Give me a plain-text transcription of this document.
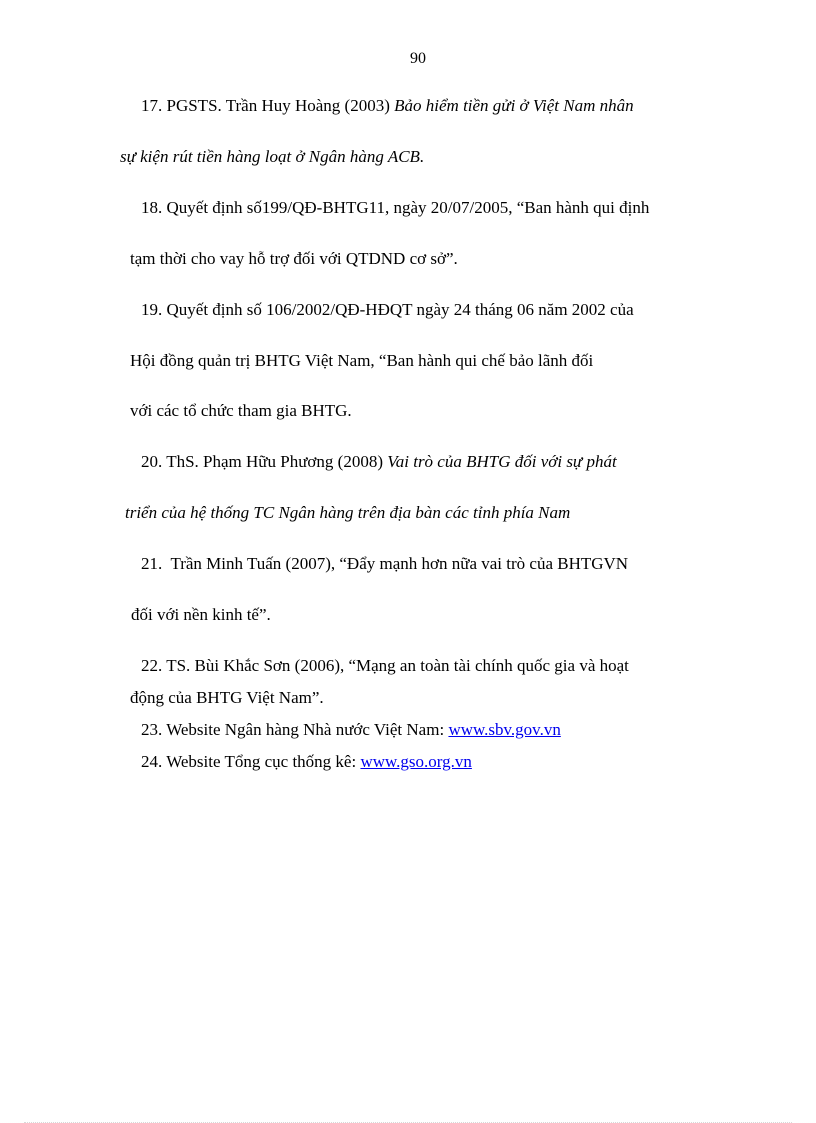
90
17. PGSTS. Trần Huy Hoàng (2003) Bảo hiểm tiền gửi ở Việt Nam nhân
sự kiện rút tiền hàng loạt ở Ngân hàng ACB.
18. Quyết định số199/QĐ-BHTG11, ngày 20/07/2005, “Ban hành qui định
tạm thời cho vay hỗ trợ đối với QTDND cơ sở”.
19. Quyết định số 106/2002/QĐ-HĐQT ngày 24 tháng 06 năm 2002 của
Hội đồng quản trị BHTG Việt Nam, “Ban hành qui chế bảo lãnh đối
với các tổ chức tham gia BHTG.
20. ThS. Phạm Hữu Phương (2008) Vai trò của BHTG đối với sự phát
triển của hệ thống TC Ngân hàng trên địa bàn các tỉnh phía Nam
21.  Trần Minh Tuấn (2007), “Đẩy mạnh hơn nữa vai trò của BHTGVN
đối với nền kinh tế”.
22. TS. Bùi Khắc Sơn (2006), “Mạng an toàn tài chính quốc gia và hoạt
động của BHTG Việt Nam”.
23. Website Ngân hàng Nhà nước Việt Nam: www.sbv.gov.vn
24. Website Tổng cục thống kê: www.gso.org.vn
